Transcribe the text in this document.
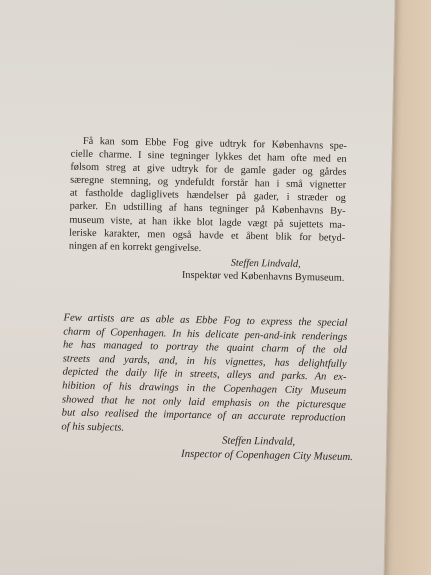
Få kan som Ebbe Fog give udtryk for Københavns spe-
cielle charme. I sine tegninger lykkes det ham ofte med en
følsom streg at give udtryk for de gamle gader og gårdes
særegne stemning, og yndefuldt forstår han i små vignetter
at fastholde dagliglivets hændelser på gader, i stræder og
parker. En udstilling af hans tegninger på Københavns By-
museum viste, at han ikke blot lagde vægt på sujettets ma-
leriske karakter, men også havde et åbent blik for betyd-
ningen af en korrekt gengivelse.
Steffen Lindvald,
Inspektør ved Københavns Bymuseum.
Few artists are as able as Ebbe Fog to express the special
charm of Copenhagen. In his delicate pen-and-ink renderings
he has managed to portray the quaint charm of the old
streets and yards, and, in his vignettes, has delightfully
depicted the daily life in streets, alleys and parks. An ex-
hibition of his drawings in the Copenhagen City Museum
showed that he not only laid emphasis on the picturesque
but also realised the importance of an accurate reproduction
of his subjects.
Steffen Lindvald,
Inspector of Copenhagen City Museum.
